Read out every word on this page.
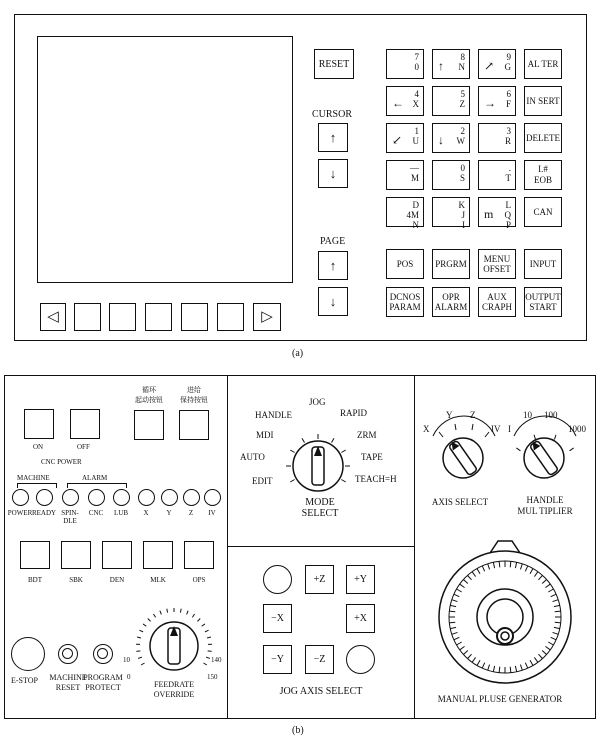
◁	▷
RESET
CURSOR
↑
↓
PAGE
↑
↓
7
0
8
N
↑
9
G
↗
4
X
←
5
Z
6
F
→
1
U
↙
2
W
↓
3
R
—
M
0
S
.
T
D
4M
N
K
J
I
L
Q
P
m
AL TER
IN SERT
DELETE
I.#
EOB
CAN
POS	PRGRM	MENU
OFSET	INPUT
DCNOS
PARAM
OPR
ALARM
AUX
CRAPH
OUTPUT
START
(a)
ON	OFF
CNC POWER
循环
起动按钮
进给
保持按钮
MACHINE	ALARM
POWER READY SPIN-
DLE
CNC LUB X	Y Z IV
BDT	SBK	DEN	MLK	OPS
E-STOP MACHINE
RESET
PROGRAM
PROTECT
0
10	140
150
FEEDRATE
OVERRIDE
HANDLE
JOG
RAPID
MDI	ZRM
AUTO	TAPE
EDIT	TEACH=H
MODE
SELECT
+Z	+Y
−X	+X
−Y	−Z
JOG AXIS SELECT
X
Y Z
IV
AXIS SELECT
I
10 100
1000
HANDLE
MUL TIPLIER
MANUAL PLUSE GENERATOR
(b)
